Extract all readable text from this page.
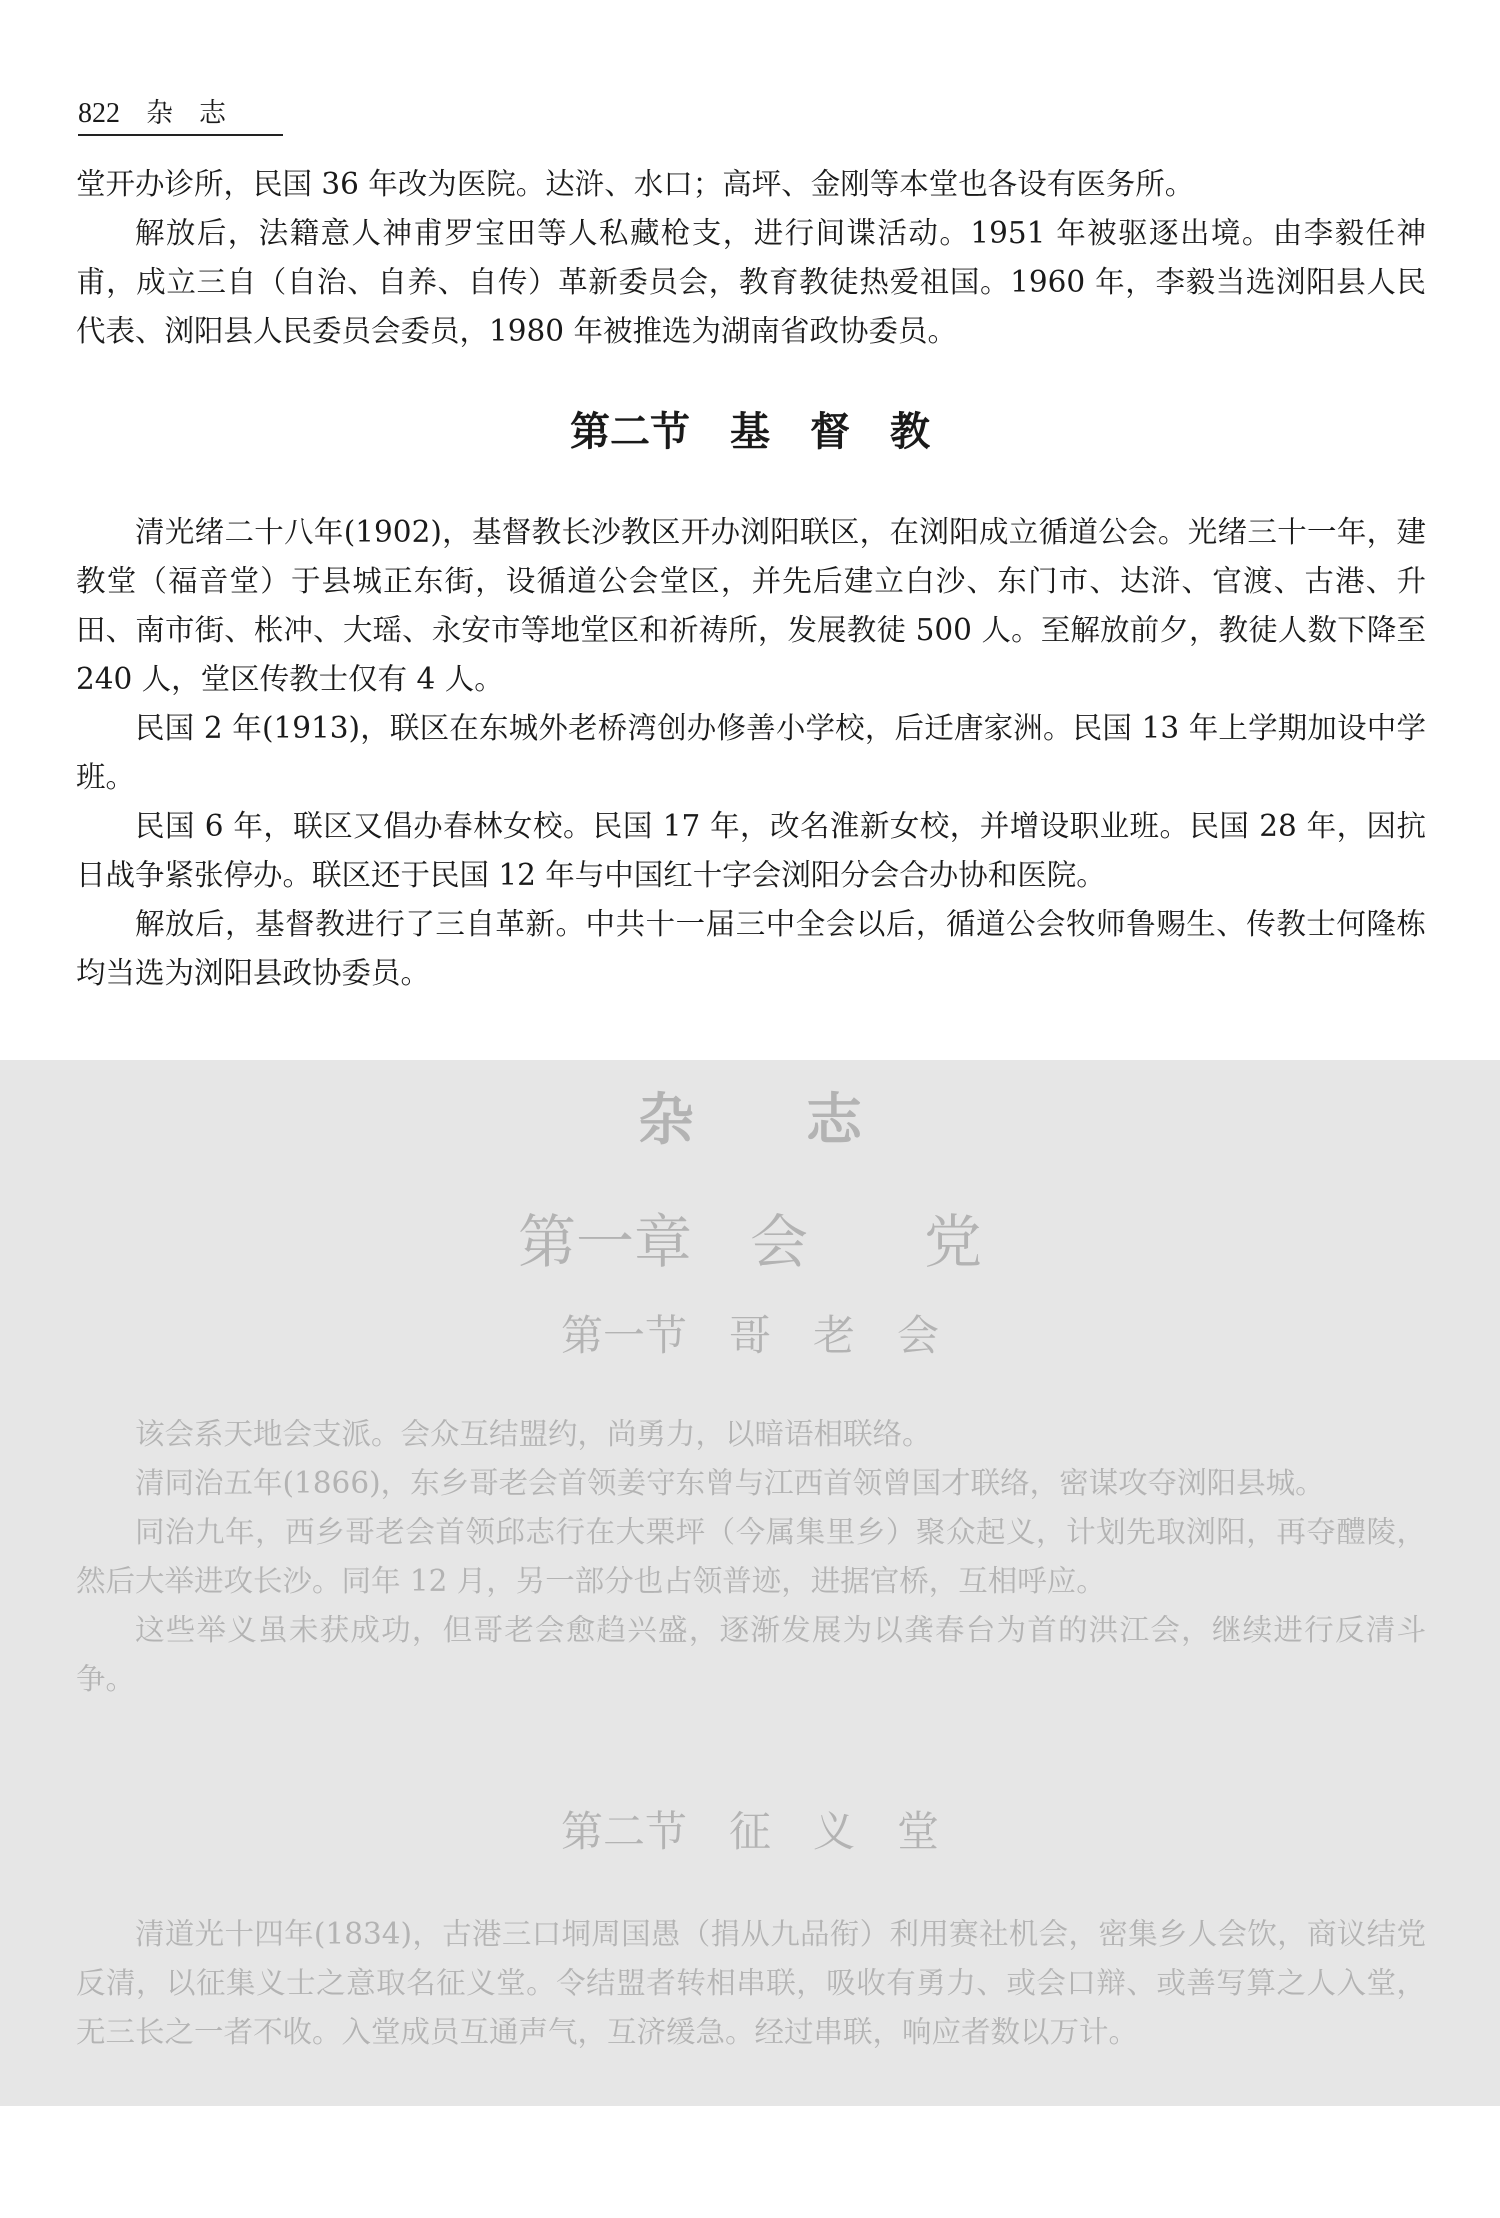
822 杂志

堂开办诊所，民国 36 年改为医院。达浒、水口；高坪、金刚等本堂也各设有医务所。

解放后，法籍意人神甫罗宝田等人私藏枪支，进行间谍活动。1951 年被驱逐出境。由李毅任神甫，成立三自（自治、自养、自传）革新委员会，教育教徒热爱祖国。1960 年，李毅当选浏阳县人民代表、浏阳县人民委员会委员，1980 年被推选为湖南省政协委员。

第二节　基　督　教

清光绪二十八年(1902)，基督教长沙教区开办浏阳联区，在浏阳成立循道公会。光绪三十一年，建教堂（福音堂）于县城正东街，设循道公会堂区，并先后建立白沙、东门市、达浒、官渡、古港、升田、南市街、枨冲、大瑶、永安市等地堂区和祈祷所，发展教徒 500 人。至解放前夕，教徒人数下降至 240 人，堂区传教士仅有 4 人。

民国 2 年(1913)，联区在东城外老桥湾创办修善小学校，后迁唐家洲。民国 13 年上学期加设中学班。

民国 6 年，联区又倡办春林女校。民国 17 年，改名淮新女校，并增设职业班。民国 28 年，因抗日战争紧张停办。联区还于民国 12 年与中国红十字会浏阳分会合办协和医院。

解放后，基督教进行了三自革新。中共十一届三中全会以后，循道公会牧师鲁赐生、传教士何隆栋均当选为浏阳县政协委员。

杂　　志
第一章　会　　党
第一节　哥　老　会

该会系天地会支派。会众互结盟约，尚勇力，以暗语相联络。

清同治五年(1866)，东乡哥老会首领姜守东曾与江西首领曾国才联络，密谋攻夺浏阳县城。

同治九年，西乡哥老会首领邱志行在大栗坪（今属集里乡）聚众起义，计划先取浏阳，再夺醴陵，然后大举进攻长沙。同年 12 月，另一部分也占领普迹，进据官桥，互相呼应。

这些举义虽未获成功，但哥老会愈趋兴盛，逐渐发展为以龚春台为首的洪江会，继续进行反清斗争。

第二节　征　义　堂

清道光十四年(1834)，古港三口垌周国愚（捐从九品衔）利用赛社机会，密集乡人会饮，商议结党反清，以征集义士之意取名征义堂。令结盟者转相串联，吸收有勇力、或会口辩、或善写算之人入堂，无三长之一者不收。入堂成员互通声气，互济缓急。经过串联，响应者数以万计。
